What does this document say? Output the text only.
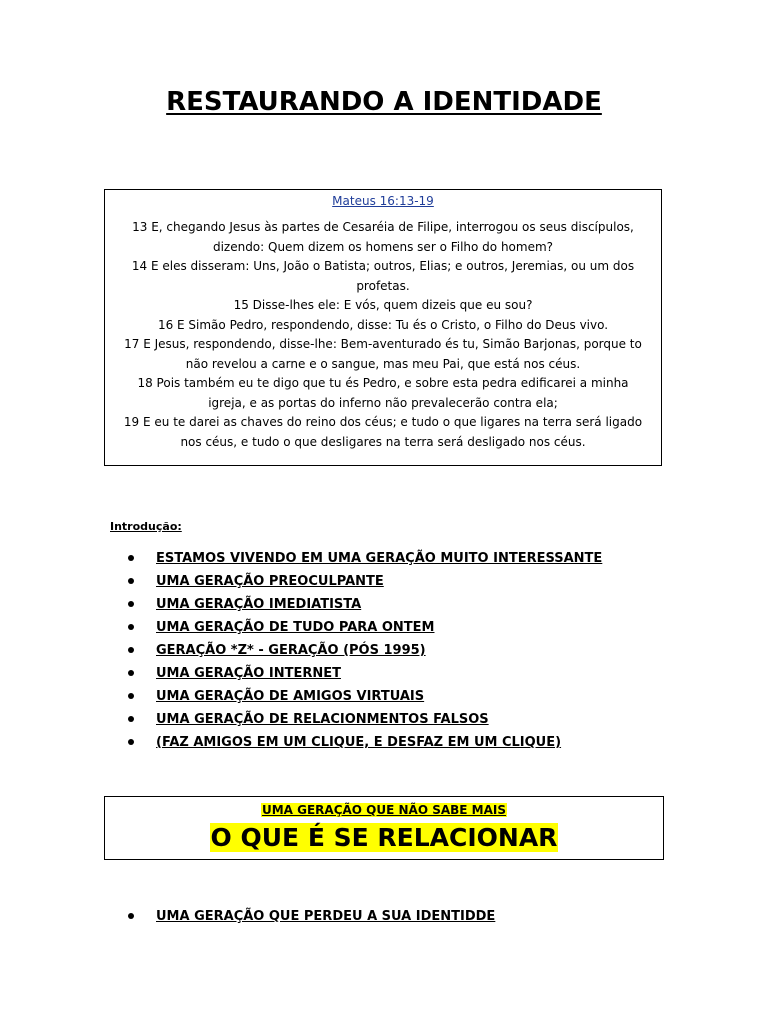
RESTAURANDO A IDENTIDADE
Mateus 16:13-19
13 E, chegando Jesus às partes de Cesaréia de Filipe, interrogou os seus discípulos,
dizendo: Quem dizem os homens ser o Filho do homem?
14 E eles disseram: Uns, João o Batista; outros, Elias; e outros, Jeremias, ou um dos
profetas.
15 Disse-lhes ele: E vós, quem dizeis que eu sou?
16 E Simão Pedro, respondendo, disse: Tu és o Cristo, o Filho do Deus vivo.
17 E Jesus, respondendo, disse-lhe: Bem-aventurado és tu, Simão Barjonas, porque to
não revelou a carne e o sangue, mas meu Pai, que está nos céus.
18 Pois também eu te digo que tu és Pedro, e sobre esta pedra edificarei a minha
igreja, e as portas do inferno não prevalecerão contra ela;
19 E eu te darei as chaves do reino dos céus; e tudo o que ligares na terra será ligado
nos céus, e tudo o que desligares na terra será desligado nos céus.
Introdução:
ESTAMOS VIVENDO EM UMA GERAÇÃO MUITO INTERESSANTE
UMA GERAÇÃO PREOCULPANTE
UMA GERAÇÃO IMEDIATISTA
UMA GERAÇÃO DE TUDO PARA ONTEM
GERAÇÃO *Z* - GERAÇÃO (PÓS 1995)
UMA GERAÇÃO INTERNET
UMA GERAÇÃO DE AMIGOS VIRTUAIS
UMA GERAÇÃO DE RELACIONMENTOS FALSOS
(FAZ AMIGOS EM UM CLIQUE, E DESFAZ EM UM CLIQUE)
UMA GERAÇÃO QUE NÃO SABE MAIS
O QUE É SE RELACIONAR
UMA GERAÇÃO QUE PERDEU A SUA IDENTIDDE
